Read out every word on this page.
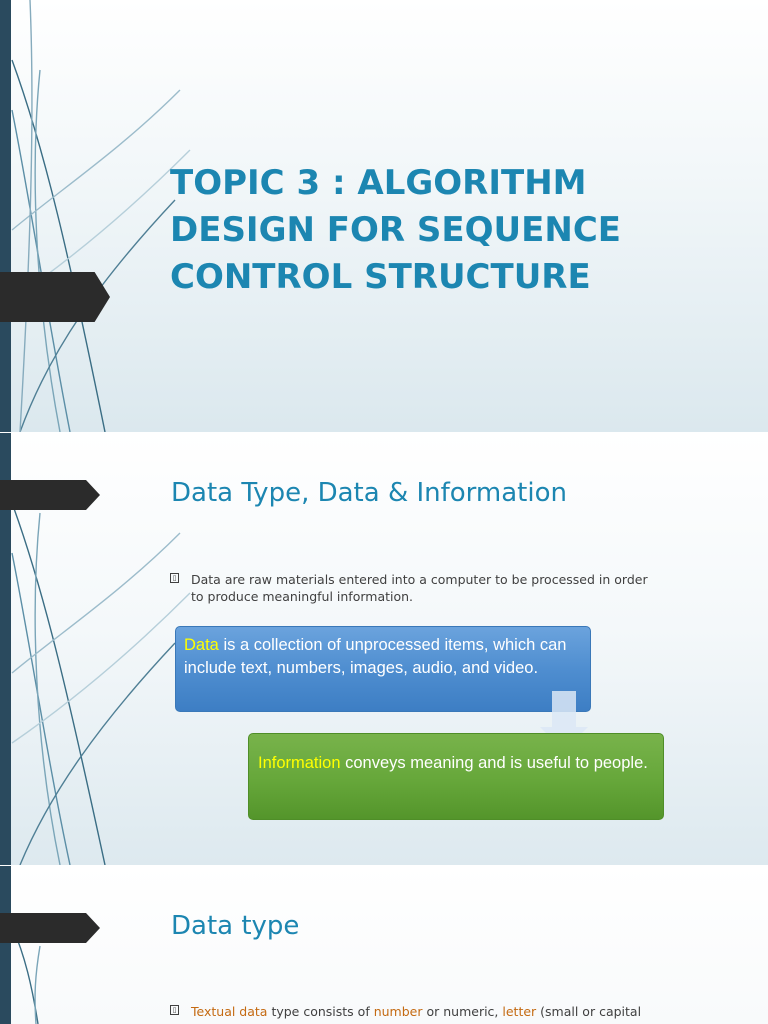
TOPIC 3 : ALGORITHM DESIGN FOR SEQUENCE CONTROL STRUCTURE
Data Type, Data & Information
▯ Data are raw materials entered into a computer to be processed in order
to produce meaningful information.
Data is a collection of unprocessed items, which can include text, numbers, images, audio, and video.
Information conveys meaning and is useful to people.
Data type
▯ Textual data type consists of number or numeric, letter (small or capital
